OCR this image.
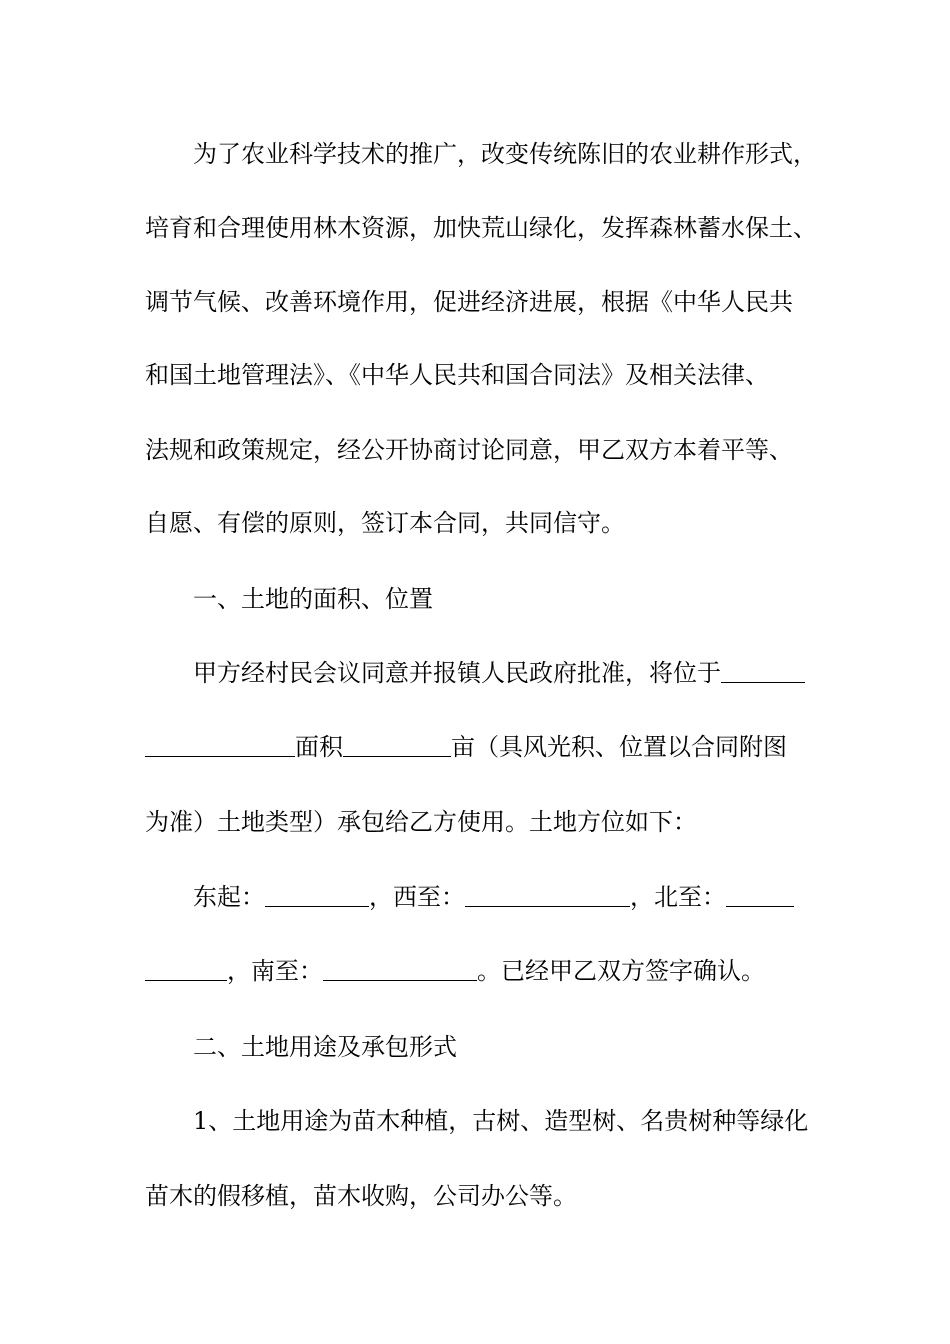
为了农业科学技术的推广，改变传统陈旧的农业耕作形式，
培育和合理使用林木资源，加快荒山绿化，发挥森林蓄水保土、
调节气候、改善环境作用，促进经济进展，根据《中华人民共
和国土地管理法》、《中华人民共和国合同法》及相关法律、
法规和政策规定，经公开协商讨论同意，甲乙双方本着平等、
自愿、有偿的原则，签订本合同，共同信守。
一、土地的面积、位置
甲方经村民会议同意并报镇人民政府批准，将位于
面积	亩（具风光积、位置以合同附图
为准）土地类型）承包给乙方使用。土地方位如下：
东起：	，西至：	，北至：
，南至：	。已经甲乙双方签字确认。
二、土地用途及承包形式
1、土地用途为苗木种植，古树、造型树、名贵树种等绿化
苗木的假移植，苗木收购，公司办公等。
